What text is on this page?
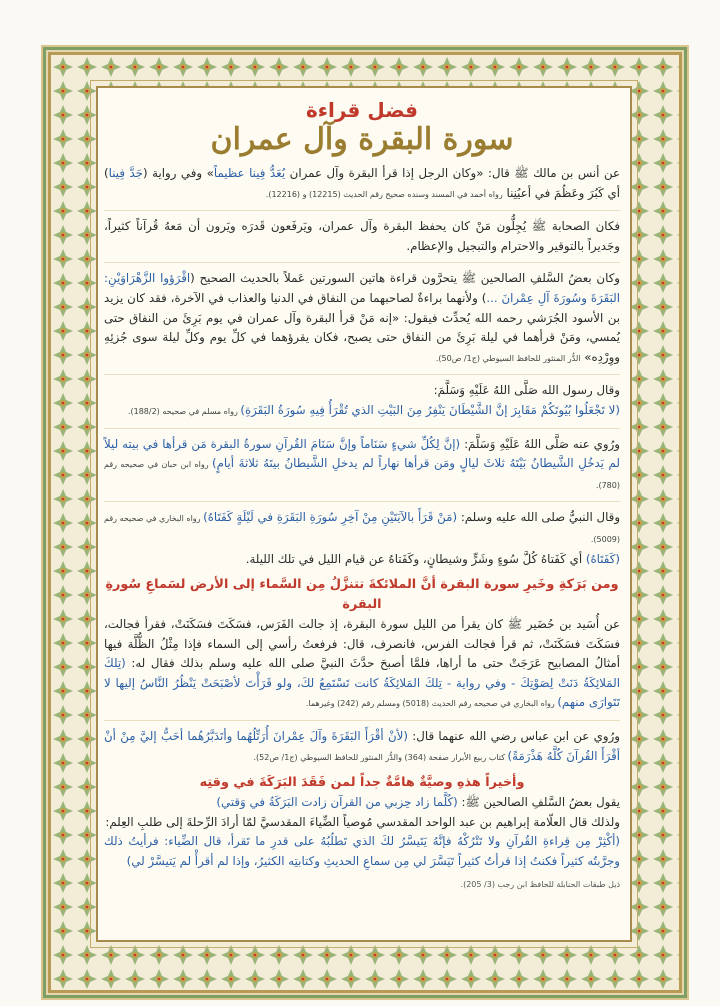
فضل قراءة
سورة البقرة وآل عمران

عن أنس بن مالك ﷺ قال: «وكان الرجل إذا قرأ البقرة وآل عمران يُعَدُّ فِينا عظيماً» وفي رواية (جَدَّ فِينا) أي كَبُرَ وعَظُمَ في أعيُنِنا رواه أحمد في المسند وسنده صحيح رقم الحديث (12215) و (12216).

فكان الصحابة ﷺ يُجِلُّون مَنْ كان يحفظ البقرة وآل عمران، ويَرفَعون قَدرَه ويَرون أن مَعهُ قُرآناً كثيراً، وجَديراً بالتوقير والاحترام والتبجيل والإعظام.

وكان بعضُ السَّلفِ الصالحين ﷺ يتحرَّون قراءة هاتين السورتين عَملاً بالحديث الصحيح (اقْرَؤوا الزَّهْرَاوَيْنِ: البَقَرَةَ وسُورَةَ آلِ عِمْرانَ ...) ولأنهما براءةٌ لصاحبهما من النفاق في الدنيا والعذاب في الآخرة، فقد كان يزيد بن الأسود الجُرَشي رحمه الله يُحدِّث فيقول: «إنه مَنْ قرأ البقرة وآل عمران في يوم بَرِئَ من النفاق حتى يُمسي، ومَنْ قرأهما في ليلة بَرِئَ من النفاق حتى يصبح، فكان يقرؤهما في كلِّ يوم وكلِّ ليلة سوى جُزئِهِ ووِرْدِه» الدُّر المنثور للحافظ السيوطي (ج1/ ص50).

وقال رسول الله صَلَّى اللهُ عَلَيْهِ وَسَلَّمَ:
(لا تَجْعَلُوا بُيُوتَكُمْ مَقَابِرَ إنَّ الشَّيْطَانَ يَنْفِرُ مِنَ البَيْتِ الذي تُقْرَأُ فِيهِ سُورَةُ البَقَرَةِ) رواه مسلم في صحيحه (188/2).

ورُوي عنه صَلَّى اللهُ عَلَيْهِ وَسَلَّمَ: (إنَّ لِكُلِّ شيءٍ سَنَاماً وإنَّ سَنَامَ القُرآنِ سورةُ البقرة مَن قرأها في بيته ليلاً لم يَدخُلِ الشَّيطانُ بَيْتَهُ ثلاثَ ليالٍ ومَن قرأها نهاراً لم يدخلِ الشَّيطانُ بيتَهُ ثلاثةَ أيامٍ) رواه ابن حبان في صحيحه رقم (780).

وقال النبيُّ صلى الله عليه وسلم: (مَنْ قَرَأَ بالآيَتَيْنِ مِنْ آخِرِ سُورَةِ البَقَرَةِ في لَيْلَةٍ كَفَتَاهُ) رواه البخاري في صحيحه رقم (5009).
(كَفَتَاهُ) أي كَفَتاهُ كُلَّ سُوءٍ وشَرٍّ وشيطانٍ، وكَفَتاهُ عن قيام الليل في تلك الليلة.

ومن بَرَكةِ وخَيرِ سورة البقرة أنَّ الملائكةَ تتنزَّلُ مِن السَّماء إلى الأرض لسَماعِ سُورةِ البقرة

عن أُسَيد بن حُضَير ﷺ كان يقرأ من الليل سورة البقرة، إذ جالت الفَرَس، فسَكَتَ فسَكَنَتْ، فقرأ فجالت، فسَكَتَ فسَكَنَتْ، ثم قرأ فجالت الفرس، فانصرف، قال: فرفعتُ رأسي إلى السماء فإذا مِثْلُ الظُّلَّة فيها أمثالُ المصابيح عَرَجَتْ حتى ما أراها، فلمَّا أصبحَ حدَّثَ النبيَّ صلى الله عليه وسلم بذلك فقال له: (تِلكَ المَلائِكَةُ دَنَتْ لِصَوْتِكَ - وفي رواية - تِلكَ المَلائِكَةُ كانت تَسْتَمِعُ لكَ، ولو قَرَأْتَ لأصْبَحَتْ يَنْظُرُ النَّاسُ إليها لا تَتَوارَى منهم) رواه البخاري في صحيحه رقم الحديث (5018) ومسلم رقم (242) وغيرهما.

ورُوي عن ابن عباس رضي الله عنهما قال: (لأنْ أقْرَأَ البَقَرَةَ وآلَ عِمْرانَ أُرَتِّلُهُما وأتَدَبَّرُهُما أحَبُّ إليَّ مِنْ أنْ أقْرَأَ القُرآنَ كُلَّهُ هَذْرَمَةً) كتاب ربيع الأبرار صفحة (364) والدُّر المنثور للحافظ السيوطي (ج1/ ص52).

وأخيراً هذهِ وصيَّةٌ هامَّةٌ جداً لمن فَقَدَ البَرَكَةَ في وقتِه

يقول بعضُ السَّلفِ الصالحين ﷺ: (كُلَّما زاد حِزبي من القرآن زادت البَرَكَةُ في وَقتي)

ولذلك قال العلّامة إبراهيم بن عبد الواحد المقدسي مُوصياً الضِّياءَ المقدسيَّ لمّا أرادَ الرِّحلةَ إلى طلبِ العِلم:

(أكْثِرْ مِن قِراءةِ القُرآنِ ولا تَتْرُكْهُ فإنَّهُ يَتَيسَّرُ لكَ الذي تَطلُبُهُ على قدرِ ما تَقرأ، قال الضِّياء: فرأيتُ ذلك وجرَّبتُه كثيراً فكنتُ إذا قرأتُ كثيراً تَيَسَّرَ لي مِن سماعِ الحديثِ وكتابتِه الكثيرُ، وإذا لم أقرأْ لم يَتيسَّرْ لي)

ذيل طبقات الحنابلة للحافظ ابن رجب (3/ 205).
